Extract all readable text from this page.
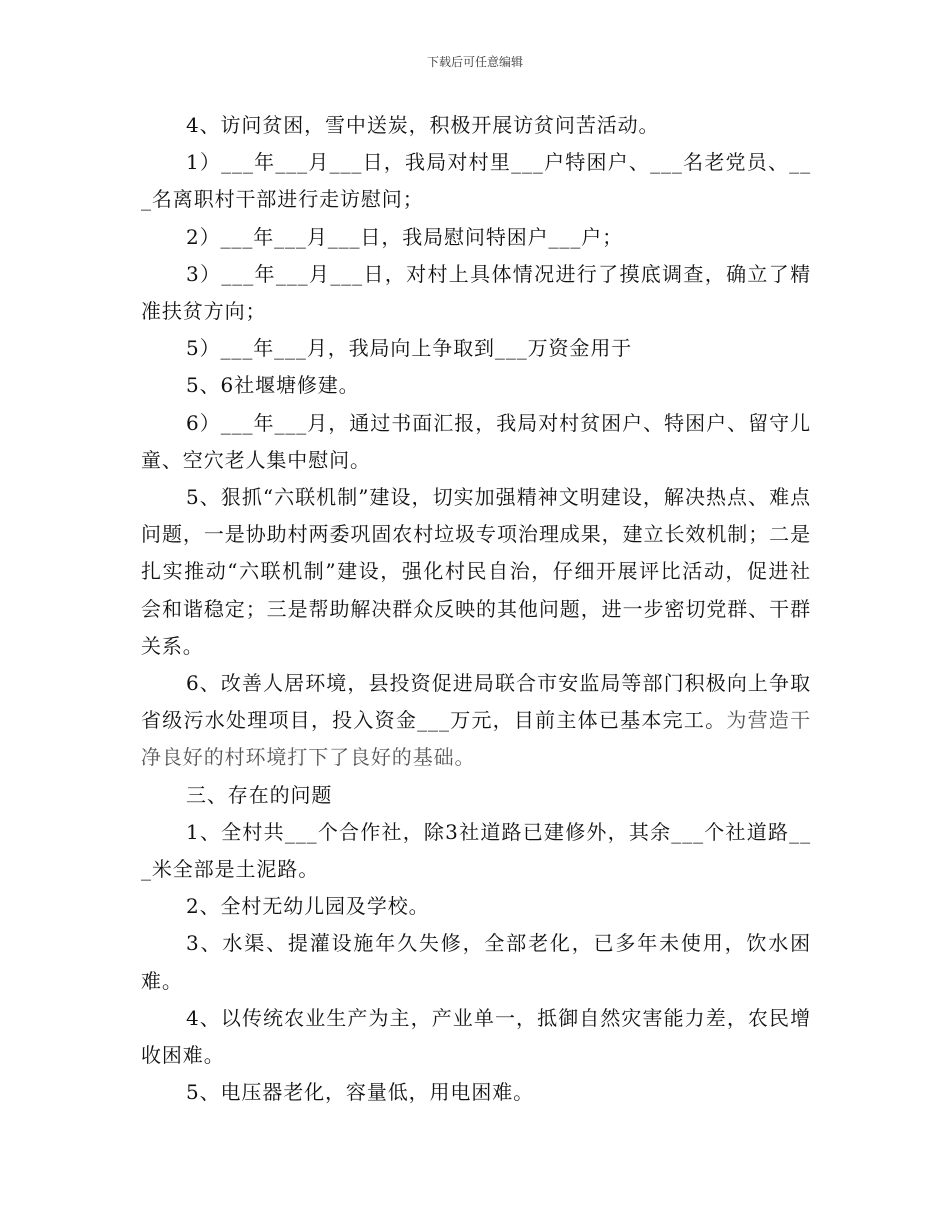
下载后可任意编辑

4、访问贫困，雪中送炭，积极开展访贫问苦活动。

1）___年___月___日，我局对村里___户特困户、___名老党员、___名离职村干部进行走访慰问；

2）___年___月___日，我局慰问特困户___户；

3）___年___月___日，对村上具体情况进行了摸底调查，确立了精准扶贫方向；

5）___年___月，我局向上争取到___万资金用于

5、6社堰塘修建。

6）___年___月，通过书面汇报，我局对村贫困户、特困户、留守儿童、空穴老人集中慰问。

5、狠抓“六联机制”建设，切实加强精神文明建设，解决热点、难点问题，一是协助村两委巩固农村垃圾专项治理成果，建立长效机制；二是扎实推动“六联机制”建设，强化村民自治，仔细开展评比活动，促进社会和谐稳定；三是帮助解决群众反映的其他问题，进一步密切党群、干群关系。

6、改善人居环境，县投资促进局联合市安监局等部门积极向上争取省级污水处理项目，投入资金___万元，目前主体已基本完工。为营造干净良好的村环境打下了良好的基础。

三、存在的问题

1、全村共___个合作社，除3社道路已建修外，其余___个社道路___米全部是土泥路。

2、全村无幼儿园及学校。

3、水渠、提灌设施年久失修，全部老化，已多年未使用，饮水困难。

4、以传统农业生产为主，产业单一，抵御自然灾害能力差，农民增收困难。

5、电压器老化，容量低，用电困难。
